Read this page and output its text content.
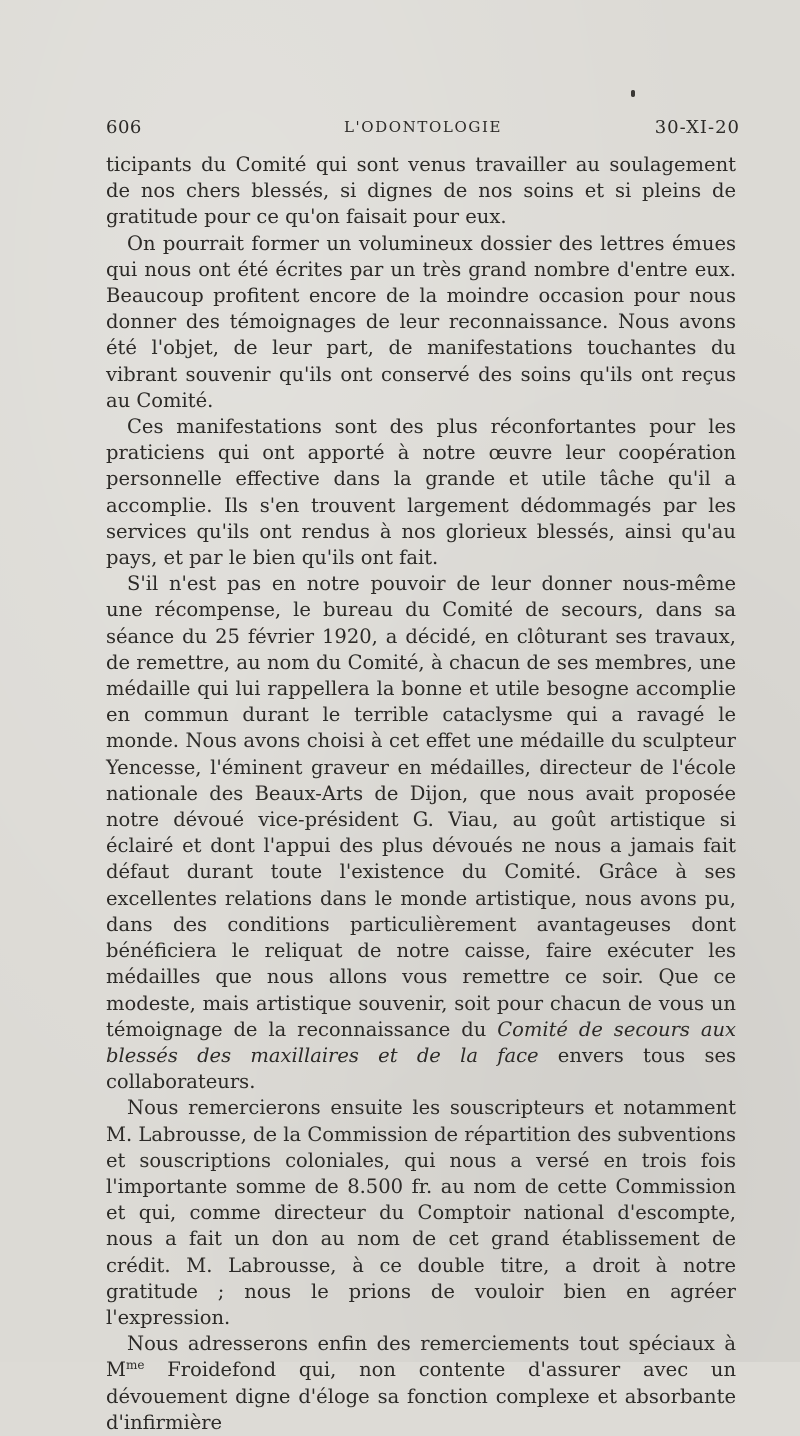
606	L'ODONTOLOGIE	30-XI-20

ticipants du Comité qui sont venus travailler au soulagement de nos chers blessés, si dignes de nos soins et si pleins de gratitude pour ce qu'on faisait pour eux.

On pourrait former un volumineux dossier des lettres émues qui nous ont été écrites par un très grand nombre d'entre eux. Beaucoup profitent encore de la moindre occasion pour nous donner des témoignages de leur reconnaissance. Nous avons été l'objet, de leur part, de manifestations touchantes du vibrant souvenir qu'ils ont conservé des soins qu'ils ont reçus au Comité.

Ces manifestations sont des plus réconfortantes pour les praticiens qui ont apporté à notre œuvre leur coopération personnelle effective dans la grande et utile tâche qu'il a accomplie. Ils s'en trouvent largement dédommagés par les services qu'ils ont rendus à nos glorieux blessés, ainsi qu'au pays, et par le bien qu'ils ont fait.

S'il n'est pas en notre pouvoir de leur donner nous-même une récompense, le bureau du Comité de secours, dans sa séance du 25 février 1920, a décidé, en clôturant ses travaux, de remettre, au nom du Comité, à chacun de ses membres, une médaille qui lui rappellera la bonne et utile besogne accomplie en commun durant le terrible cataclysme qui a ravagé le monde. Nous avons choisi à cet effet une médaille du sculpteur Yencesse, l'éminent graveur en médailles, directeur de l'école nationale des Beaux-Arts de Dijon, que nous avait proposée notre dévoué vice-président G. Viau, au goût artistique si éclairé et dont l'appui des plus dévoués ne nous a jamais fait défaut durant toute l'existence du Comité. Grâce à ses excellentes relations dans le monde artistique, nous avons pu, dans des conditions particulièrement avantageuses dont bénéficiera le reliquat de notre caisse, faire exécuter les médailles que nous allons vous remettre ce soir. Que ce modeste, mais artistique souvenir, soit pour chacun de vous un témoignage de la reconnaissance du Comité de secours aux blessés des maxillaires et de la face envers tous ses collaborateurs.

Nous remercierons ensuite les souscripteurs et notamment M. Labrousse, de la Commission de répartition des subventions et souscriptions coloniales, qui nous a versé en trois fois l'importante somme de 8.500 fr. au nom de cette Commission et qui, comme directeur du Comptoir national d'escompte, nous a fait un don au nom de cet grand établissement de crédit. M. Labrousse, à ce double titre, a droit à notre gratitude ; nous le prions de vouloir bien en agréer l'expression.

Nous adresserons enfin des remerciements tout spéciaux à $M^{me}$ Froidefond qui, non contente d'assurer avec un dévouement digne d'éloge sa fonction complexe et absorbante d'infirmière
